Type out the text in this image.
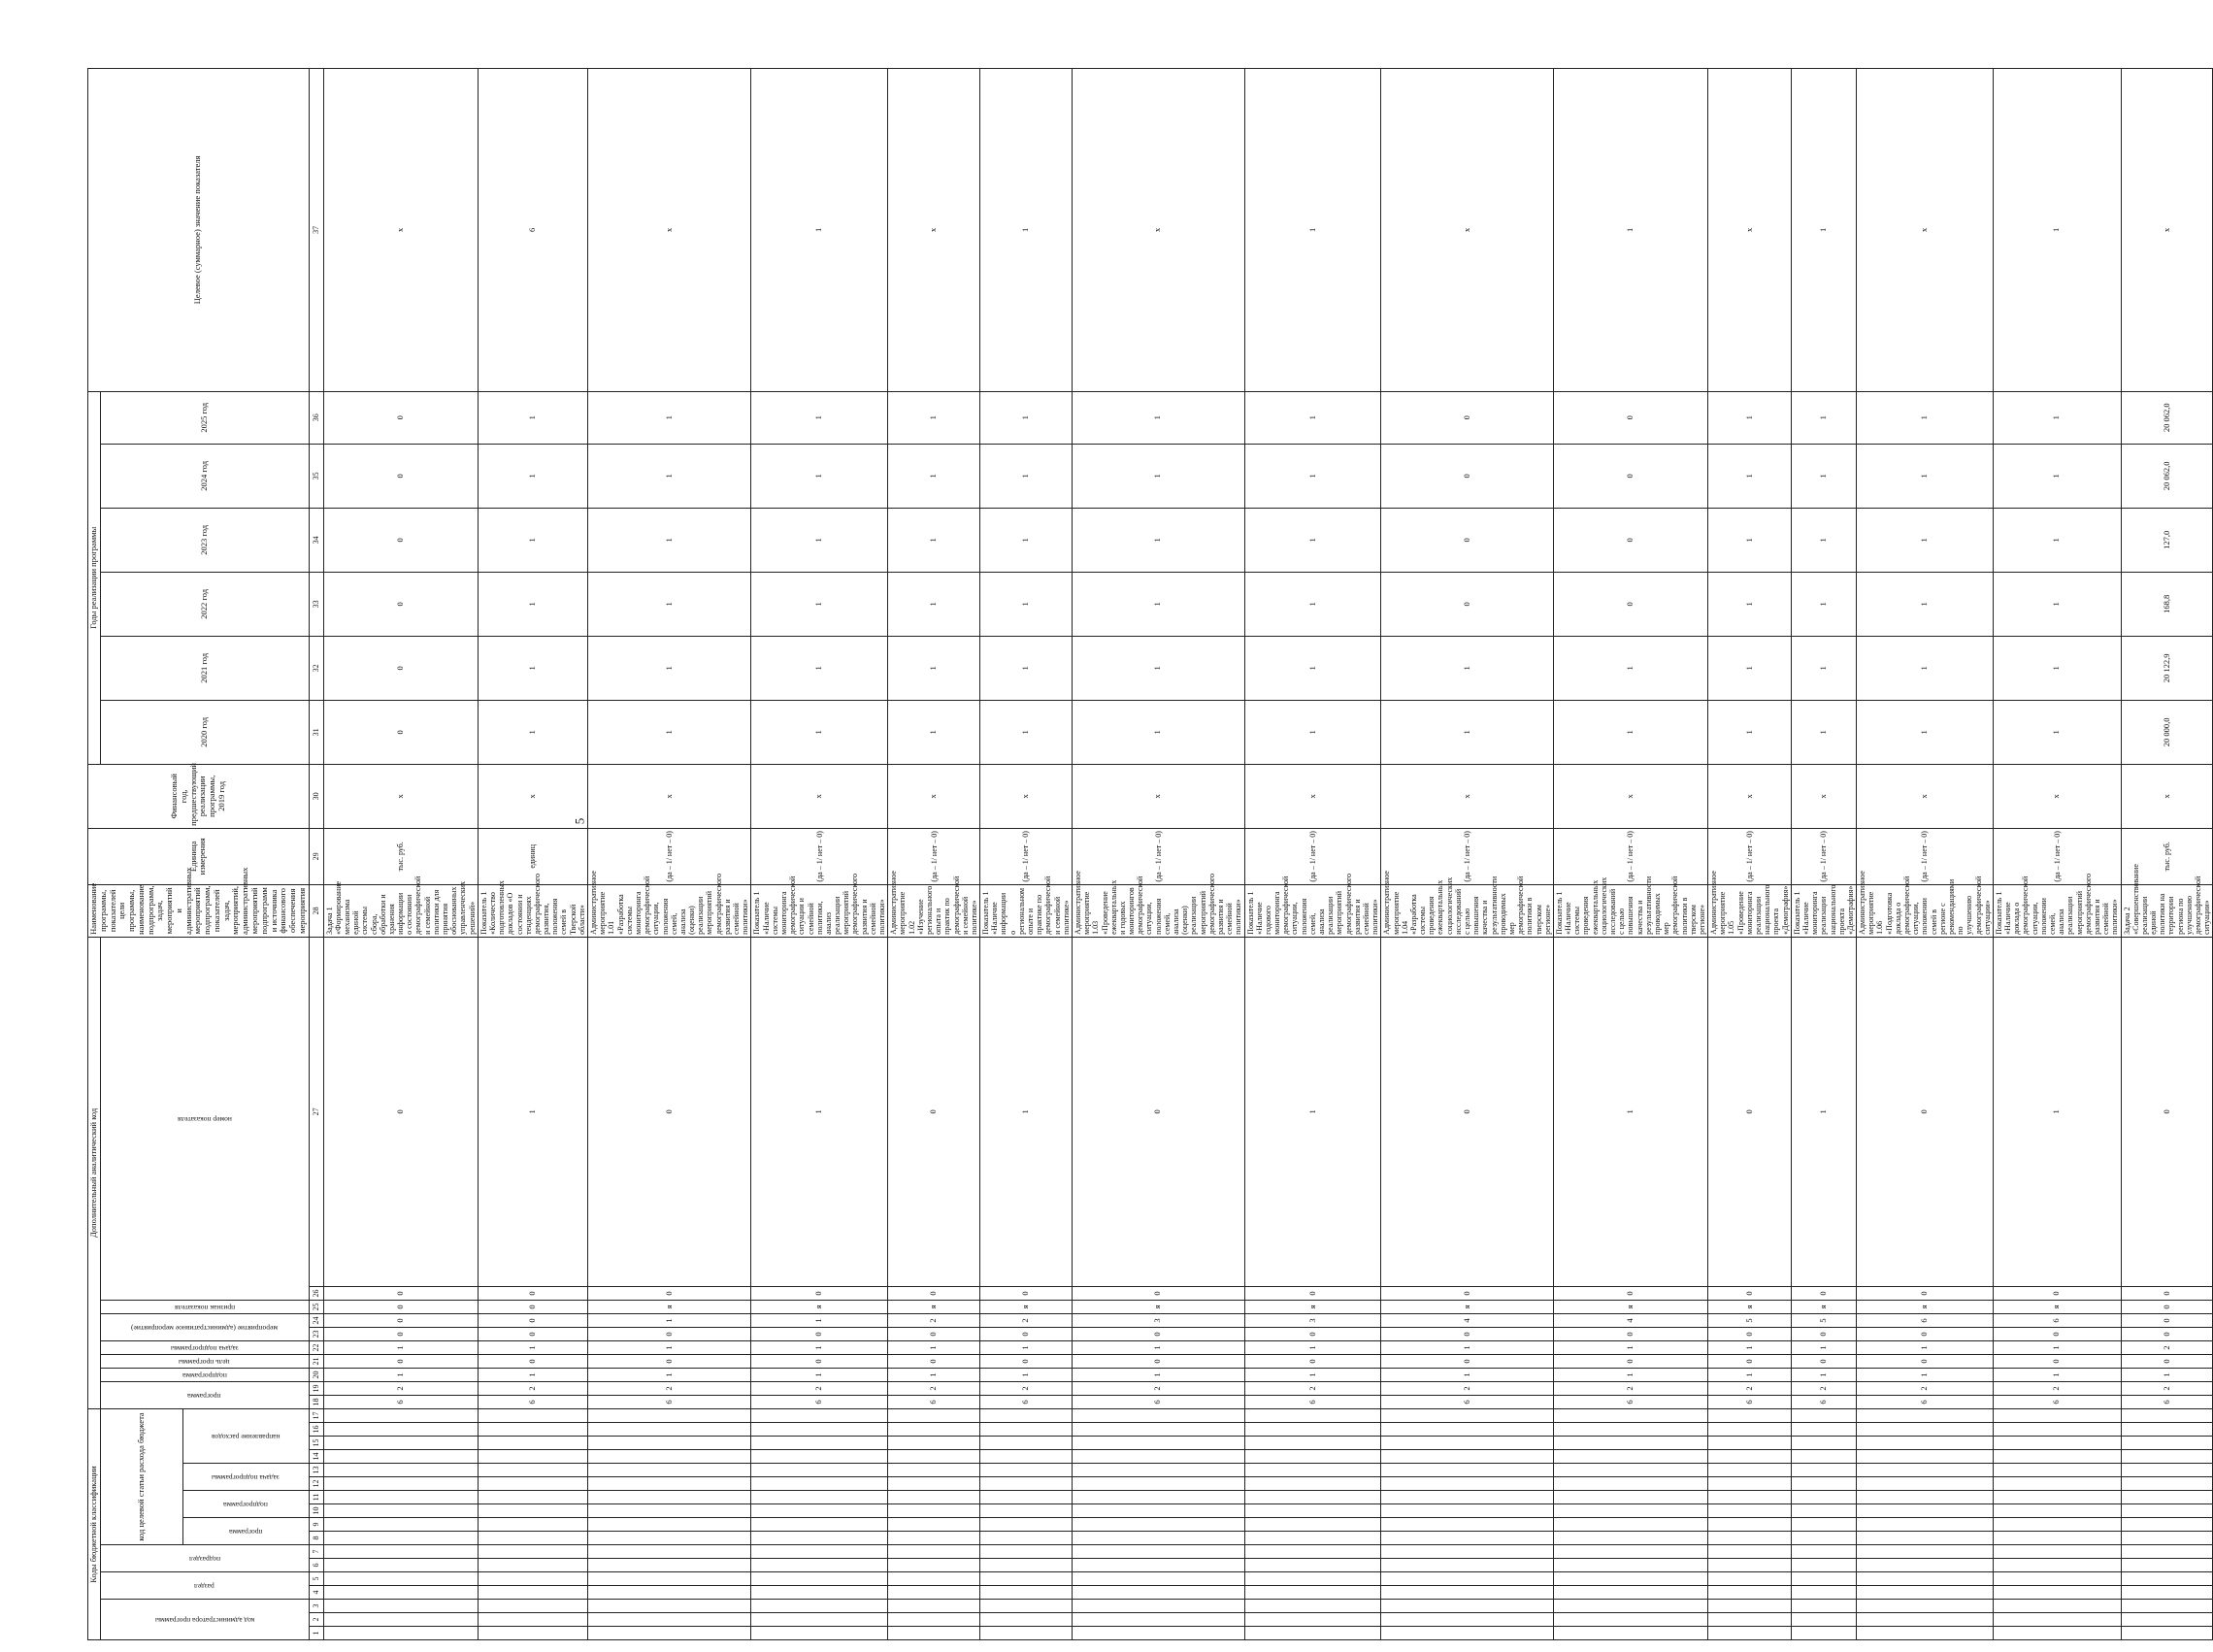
5
Коды бюджетной классификации																	Дополнительный аналитический код										Наименование программы, показателей цели программы, наименование подпрограмм, задач, мероприятий и административных мероприятий подпрограмм, показателей задач, мероприятий, административных мероприятий подпрограмм и источника финансового обеспечения мероприятия	Единица измерения	Финансовый год, предшествующий реализации программы, 2019 год	Годы реализации программы						Целевое (суммарное) значение показателя

код администратора программы			раздел		подраздел		код целевой статьи расхода бюджета										программа		подпрограмма	цель программы	задача подпрограммы	мероприятие (административное мероприятие)		признак показателя	номер показателя					2020 год	2021 год	2022 год	2023 год	2024 год	2025 год	

							программа		подпрограмма		задача подпрограммы		направление расходов																							

1	2	3	4	5	6	7	8	9	10	11	12	13	14	15	16	17	18	19	20	21	22	23	24	25	26	27	28	29	30	31	32	33	34	35	36	37
																	6	2	1	0	1	0	0	0	0	0	Задача 1 «Формирование механизма единой системы сбора, обработки и хранения информации о состоянии демографической и семейной политики для принятия обоснованных управленческих решений»	тыс. руб.	x	0	0	0	0	0	0	x
																	6	2	1	0	1	0	0	0	0	1	Показатель 1 «Количество подготовленных докладов «О состоянии и тенденциях демографического развития, положения семей в Тверской области»	единиц	x	1	1	1	1	1	1	6
																	6	2	1	0	1	0	1	я	0	0	Административное мероприятие 1.01 «Разработка системы мониторинга демографической ситуации, положения семей, анализа (оценки) реализации мероприятий демографического развития и семейной политики»	(да – 1/ нет – 0)	x	1	1	1	1	1	1	x
																	6	2	1	0	1	0	1	я	0	1	Показатель 1 «Наличие системы мониторинга демографической ситуации и семейной политики, анализ реализации мероприятий демографического развития и семейной политики»	(да – 1/ нет – 0)	x	1	1	1	1	1	1	1
																	6	2	1	0	1	0	2	я	0	0	Административное мероприятие 1.02 «Изучение регионального опыта и практик по демографической и семейной политике»	(да – 1/ нет – 0)	x	1	1	1	1	1	1	x
																	6	2	1	0	1	0	2	я	0	1	Показатель 1 «Наличие информации о региональном опыте и практике по демографической и семейной политике»	(да – 1/ нет – 0)	x	1	1	1	1	1	1	1
																	6	2	1	0	1	0	3	я	0	0	Административное мероприятие 1.03 «Проведение ежеквартальных и годовых мониторингов демографической ситуации, положения семей, анализа (оценки) реализации мероприятий демографического развития и семейной политики»	(да – 1/ нет – 0)	x	1	1	1	1	1	1	x
																	6	2	1	0	1	0	3	я	0	1	Показатель 1 «Наличие годового мониторинга демографической ситуации, положения семей, анализа реализации мероприятий демографического развития и семейной политики»	(да – 1/ нет – 0)	x	1	1	1	1	1	1	1
																	6	2	1	0	1	0	4	я	0	0	Административное мероприятие 1.04 «Разработка системы проведения ежеквартальных социологических исследований с целью повышения качества и результативности проводимых мер демографической политики в тверском регионе»	(да – 1/ нет – 0)	x	1	1	0	0	0	0	x
																	6	2	1	0	1	0	4	я	0	1	Показатель 1 «Наличие системы проведения ежеквартальных социологических исследований с целью повышения качества и результативности проводимых мер демографической политики в тверском регионе»	(да – 1/ нет – 0)	x	1	1	0	0	0	0	1
																	6	2	1	0	1	0	5	я	0	0	Административное мероприятие 1.05 «Проведение мониторинга реализации национального проекта «Демография»	(да – 1/ нет – 0)	x	1	1	1	1	1	1	x
																	6	2	1	0	1	0	5	я	0	1	Показатель 1 «Наличие мониторинга реализации национального проекта «Демография»	(да – 1/ нет – 0)	x	1	1	1	1	1	1	1
																	6	2	1	0	1	0	6	я	0	0	Административное мероприятие 1.06 «Подготовка доклада о демографической ситуации, положении семей в регионе с рекомендациями по улучшению демографической ситуации»	(да – 1/ нет – 0)	x	1	1	1	1	1	1	x
																	6	2	1	0	1	0	6	я	0	1	Показатель 1 «Наличие доклада о демографической ситуации, положении семей, анализа реализации мероприятий демографического развития и семейной политики»	(да – 1/ нет – 0)	x	1	1	1	1	1	1	1
																	6	2	1	0	2	0	0	0	0	0	Задача 2 «Совершенствование реализации единой политики на территории региона по улучшению демографической ситуации»	тыс. руб.	x	20 000,0	20 122,9	168,8	127,0	20 062,0	20 062,0	x
